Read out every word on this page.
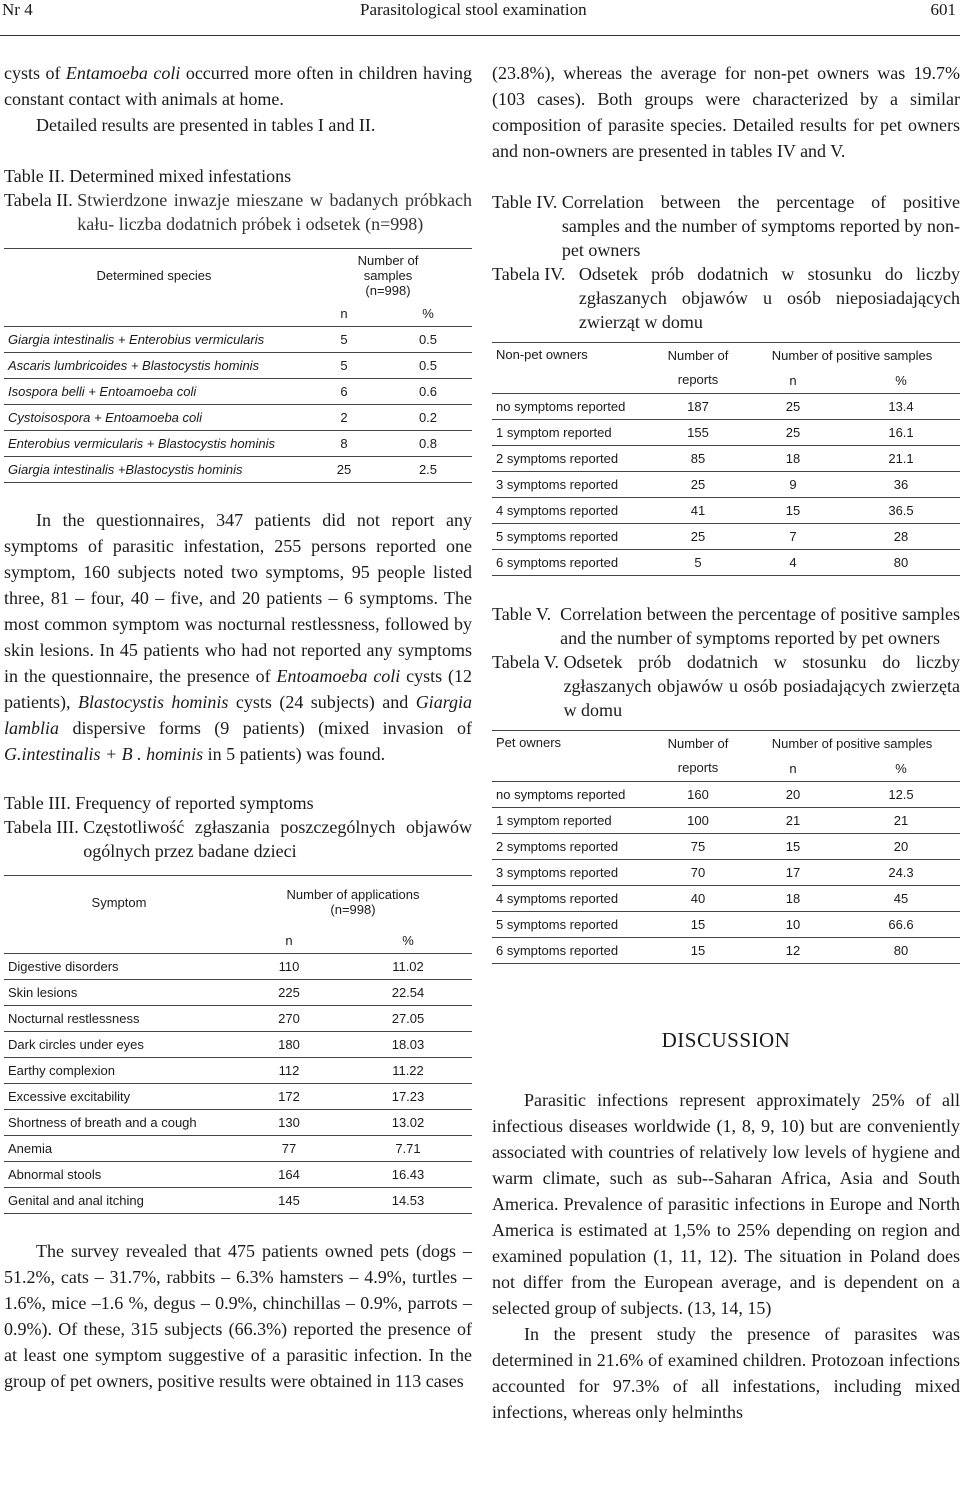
Nr 4	Parasitological stool examination	601

cysts of Entamoeba coli occurred more often in children having constant contact with animals at home.

Detailed results are presented in tables I and II.

Table II.
Determined mixed infestations
Tabela II.
Stwierdzone inwazje mieszane w badanych próbkach kału- liczba dodatnich próbek i odsetek (n=998)
Determined species	Number of samples (n=998)	

	n	%
Giargia intestinalis + Enterobius vermicularis	5	0.5
Ascaris lumbricoides + Blastocystis hominis	5	0.5
Isospora belli + Entoamoeba coli	6	0.6
Cystoisospora + Entoamoeba coli	2	0.2
Enterobius vermicularis + Blastocystis hominis	8	0.8
Giargia intestinalis +Blastocystis hominis	25	2.5

In the questionnaires, 347 patients did not report any symptoms of parasitic infestation, 255 persons reported one symptom, 160 subjects noted two symptoms, 95 people listed three, 81 – four, 40 – five, and 20 patients – 6 symptoms. The most common symptom was nocturnal restlessness, followed by skin lesions. In 45 patients who had not reported any symptoms in the questionnaire, the presence of Entoamoeba coli cysts (12 patients), Blastocystis hominis cysts (24 subjects) and Giargia lamblia dispersive forms (9 patients) (mixed invasion of G.intestinalis + B . hominis in 5 patients) was found.

Table III.
Frequency of reported symptoms
Tabela III.
Częstotliwość zgłaszania poszczególnych objawów ogólnych przez badane dzieci
Symptom	Number of applications (n=998)	

	n	%
Digestive disorders	110	11.02
Skin lesions	225	22.54
Nocturnal restlessness	270	27.05
Dark circles under eyes	180	18.03
Earthy complexion	112	11.22
Excessive excitability	172	17.23
Shortness of breath and a cough	130	13.02
Anemia	77	7.71
Abnormal stools	164	16.43
Genital and anal itching	145	14.53

The survey revealed that 475 patients owned pets (dogs – 51.2%, cats – 31.7%, rabbits – 6.3% hamsters – 4.9%, turtles – 1.6%, mice –1.6 %, degus – 0.9%, chinchillas – 0.9%, parrots – 0.9%). Of these, 315 subjects (66.3%) reported the presence of at least one symptom suggestive of a parasitic infection. In the group of pet owners, positive results were obtained in 113 cases

(23.8%), whereas the average for non-pet owners was 19.7% (103 cases). Both groups were characterized by a similar composition of parasite species. Detailed results for pet owners and non-owners are presented in tables IV and V.

Table IV.
Correlation between the percentage of positive samples and the number of symptoms reported by non-pet owners
Tabela IV.
Odsetek prób dodatnich w stosunku do liczby zgłaszanych objawów u osób nieposiadających zwierząt w domu
Non-pet owners	Number of reports	Number of positive samples	
		n	%
no symptoms reported	187	25	13.4
1 symptom reported	155	25	16.1
2 symptoms reported	85	18	21.1
3 symptoms reported	25	9	36
4 symptoms reported	41	15	36.5
5 symptoms reported	25	7	28
6 symptoms reported	5	4	80
Table V.
Correlation between the percentage of positive samples and the number of symptoms reported by pet owners
Tabela V.
Odsetek prób dodatnich w stosunku do liczby zgłaszanych objawów u osób posiadających zwierzęta w domu
Pet owners	Number of reports	Number of positive samples	
		n	%
no symptoms reported	160	20	12.5
1 symptom reported	100	21	21
2 symptoms reported	75	15	20
3 symptoms reported	70	17	24.3
4 symptoms reported	40	18	45
5 symptoms reported	15	10	66.6
6 symptoms reported	15	12	80
DISCUSSION

Parasitic infections represent approximately 25% of all infectious diseases worldwide (1, 8, 9, 10) but are conveniently associated with countries of relatively low levels of hygiene and warm climate, such as sub--Saharan Africa, Asia and South America. Prevalence of parasitic infections in Europe and North America is estimated at 1,5% to 25% depending on region and examined population (1, 11, 12). The situation in Poland does not differ from the European average, and is dependent on a selected group of subjects. (13, 14, 15)

In the present study the presence of parasites was determined in 21.6% of examined children. Protozoan infections accounted for 97.3% of all infestations, including mixed infections, whereas only helminths
